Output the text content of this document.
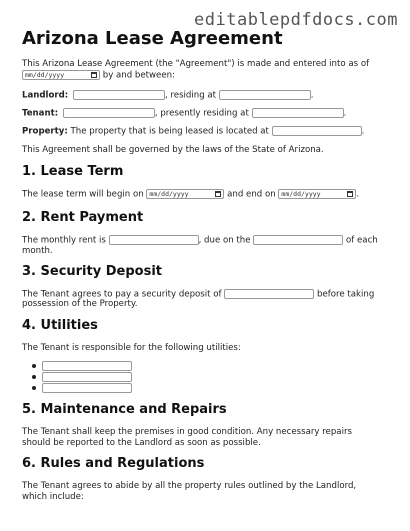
editablepdfdocs.com
Arizona Lease Agreement
This Arizona Lease Agreement (the "Agreement") is made and entered into as of
mm/dd/yyyy	by and between:
Landlord:	, residing at	.
Tenant:	, presently residing at	.
Property: The property that is being leased is located at	.
This Agreement shall be governed by the laws of the State of Arizona.
1. Lease Term
The lease term will begin on mm/dd/yyyy	and end on mm/dd/yyyy	.
2. Rent Payment
The monthly rent is	, due on the	of each
month.
3. Security Deposit
The Tenant agrees to pay a security deposit of	before taking
possession of the Property.
4. Utilities
The Tenant is responsible for the following utilities:
5. Maintenance and Repairs
The Tenant shall keep the premises in good condition. Any necessary repairs should be reported to the Landlord as soon as possible.
6. Rules and Regulations
The Tenant agrees to abide by all the property rules outlined by the Landlord, which include:
